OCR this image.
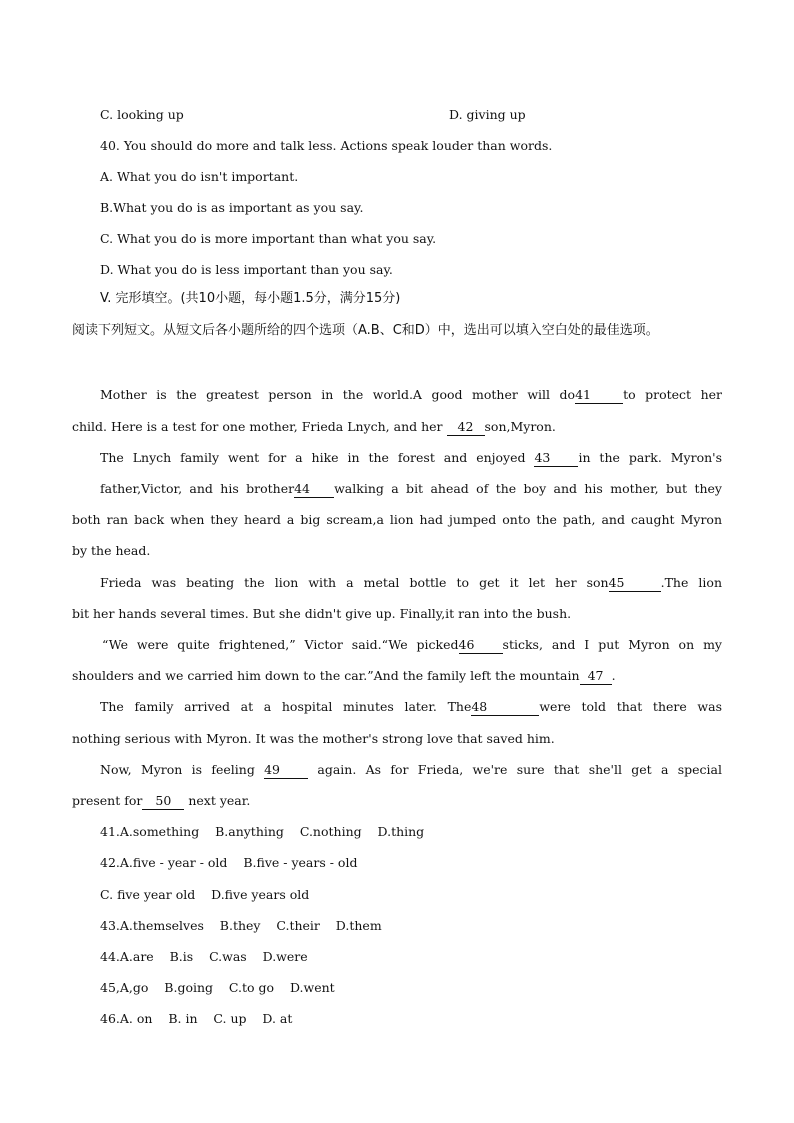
C. looking up	D. giving up
40. You should do more and talk less. Actions speak louder than words.
A. What you do isn't important.
B.What you do is as important as you say.
C. What you do is more important than what you say.
D. What you do is less important than you say.
V. 完形填空。(共10小题，每小题1.5分，满分15分)
阅读下列短文。从短文后各小题所给的四个选项（A.B、C和D）中，选出可以填入空白处的最佳选项。
Mother is the greatest person in the world.A good mother will do41	to protect her
child. Here is a test for one mother, Frieda Lnych, and her 42 son,Myron.
The Lnych family went for a hike in the forest and enjoyed 43 in the park. Myron's
father,Victor, and his brother44 walking a bit ahead of the boy and his mother, but they
both ran back when they heard a big scream,a lion had jumped onto the path, and caught Myron
by the head.
Frieda was beating the lion with a metal bottle to get it let her son45	.The lion
bit her hands several times. But she didn't give up. Finally,it ran into the bush.
“We were quite frightened,” Victor said.“We picked46 sticks, and I put Myron on my
shoulders and we carried him down to the car.”And the family left the mountain 47 .
The family arrived at a hospital minutes later. The48	were told that there was
nothing serious with Myron. It was the mother's strong love that saved him.
Now, Myron is feeling 49 again. As for Frieda, we're sure that she'll get a special
present for 50 next year.
41.A.something    B.anything    C.nothing    D.thing
42.A.five - year - old    B.five - years - old
C. five year old    D.five years old
43.A.themselves    B.they    C.their    D.them
44.A.are    B.is    C.was    D.were
45,A,go    B.going    C.to go    D.went
46.A. on    B. in    C. up    D. at
